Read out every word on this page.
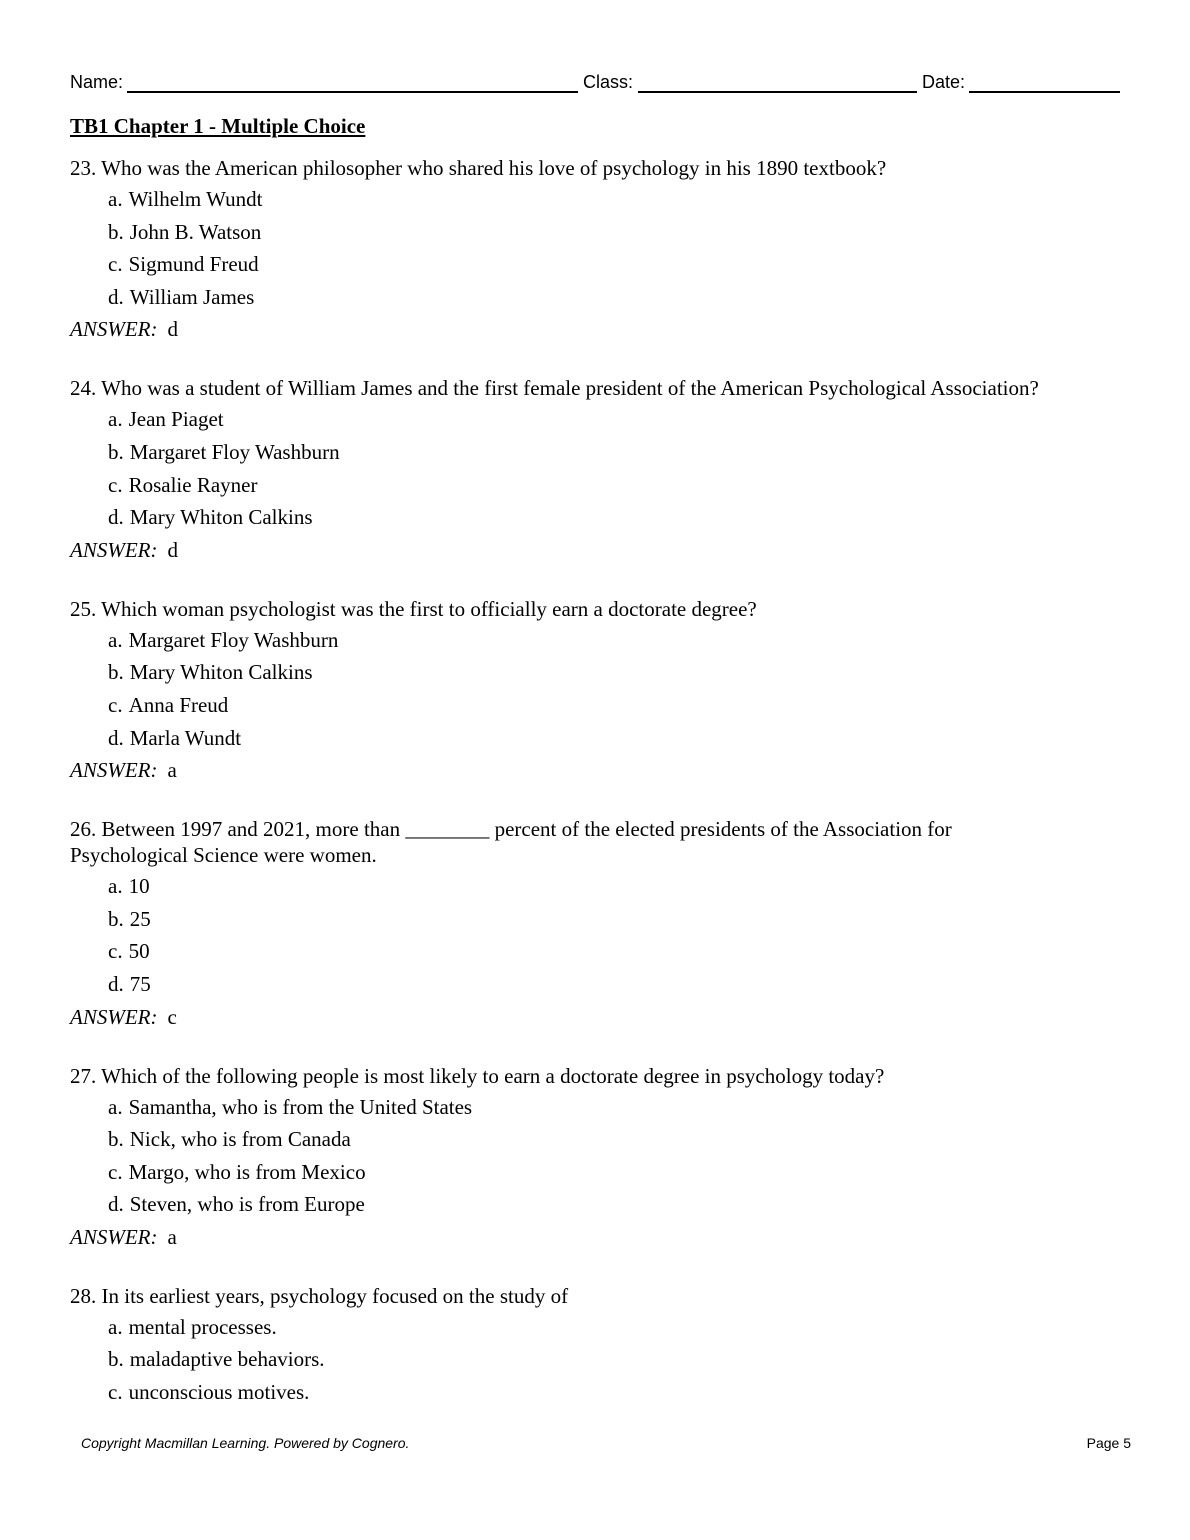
Name:	Class:	Date:
TB1 Chapter 1 - Multiple Choice
23. Who was the American philosopher who shared his love of psychology in his 1890 textbook?
a. Wilhelm Wundt
b. John B. Watson
c. Sigmund Freud
d. William James
ANSWER: d
24. Who was a student of William James and the first female president of the American Psychological Association?
a. Jean Piaget
b. Margaret Floy Washburn
c. Rosalie Rayner
d. Mary Whiton Calkins
ANSWER: d
25. Which woman psychologist was the first to officially earn a doctorate degree?
a. Margaret Floy Washburn
b. Mary Whiton Calkins
c. Anna Freud
d. Marla Wundt
ANSWER: a
26. Between 1997 and 2021, more than ________ percent of the elected presidents of the Association for Psychological Science were women.
a. 10
b. 25
c. 50
d. 75
ANSWER: c
27. Which of the following people is most likely to earn a doctorate degree in psychology today?
a. Samantha, who is from the United States
b. Nick, who is from Canada
c. Margo, who is from Mexico
d. Steven, who is from Europe
ANSWER: a
28. In its earliest years, psychology focused on the study of
a. mental processes.
b. maladaptive behaviors.
c. unconscious motives.
Copyright Macmillan Learning. Powered by Cognero.	Page 5
